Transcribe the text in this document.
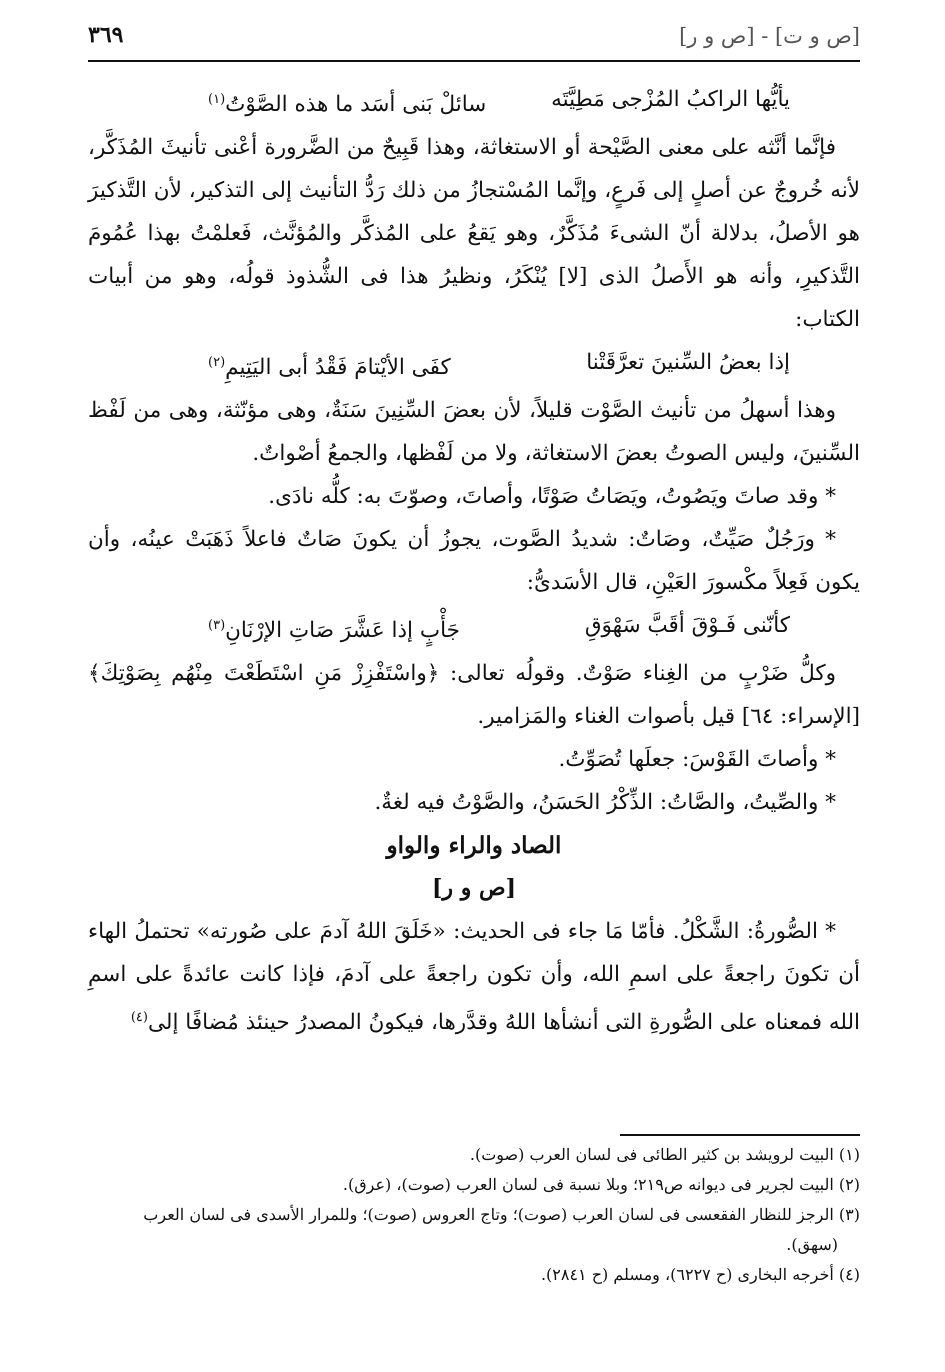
[ص و ت] - [ص و ر]
٣٦٩
يأيُّها الراكبُ المُزْجى مَطِيَّتَه
سائلْ بَنى أسَد ما هذه الصَّوْتُ$^{(١)}$

فإنَّما أنَّثه على معنى الصَّيْحة أو الاستغاثة، وهذا قَبِيحٌ من الضَّرورة أعْنى تأنيثَ المُذَكَّر، لأنه خُروجٌ عن أصلٍ إلى فَرعٍ، وإنَّما المُسْتجازُ من ذلك رَدُّ التأنيث إلى التذكير، لأن التَّذكيرَ هو الأصلُ، بدلالة أنّ الشىءَ مُذَكَّرٌ، وهو يَقعُ على المُذكَّر والمُؤنَّث، فَعلمْتُ بهذا عُمُومَ التَّذكيرِ، وأنه هو الأَصلُ الذى [لا] يُنْكَرُ، ونظيرُ هذا فى الشُّذوذ قولُه، وهو من أبيات الكتاب:

إذا بعضُ السِّنينَ تعرَّقَتْنا
كفَى الأيْتامَ فَقْدُ أبى اليَتِيمِ$^{(٢)}$

وهذا أسهلُ من تأنيث الصَّوْت قليلاً، لأن بعضَ السِّنِينَ سَنَةٌ، وهى مؤنّثة، وهى من لَفْظ السِّنينَ، وليس الصوتُ بعضَ الاستغاثة، ولا من لَفْظها، والجمعُ أصْواتٌ.

* وقد صاتَ ويَصُوتُ، ويَصَاتُ صَوْتًا، وأصاتَ، وصوّتَ به: كلُّه نادَى.

* ورَجُلٌ صَيِّتٌ، وصَاتٌ: شديدُ الصَّوت، يجوزُ أن يكونَ صَاتٌ فاعلاً ذَهَبَتْ عينُه، وأن يكون فَعِلاً مكْسورَ العَيْنِ، قال الأسَدىُّ:

كأنّنى فَـوْقَ أقَبَّ سَهْوَقِ
جَأْبٍ إذا عَشَّرَ صَاتِ الإرْنَانِ$^{(٣)}$

وكلُّ ضَرْبٍ من الغِناء صَوْتٌ. وقولُه تعالى: ﴿واسْتَفْزِزْ مَنِ اسْتَطَعْتَ مِنْهُم بِصَوْتِكَ﴾ [الإسراء: ٦٤] قيل بأصوات الغناء والمَزامير.

* وأصاتَ القَوْسَ: جعلَها تُصَوِّتُ.

* والصِّيتُ، والصَّاتُ: الذِّكْرُ الحَسَنُ، والصَّوْتُ فيه لغةٌ.

الصاد والراء والواو
[ص و ر]

* الصُّورةُ: الشَّكْلُ. فأمّا مَا جاء فى الحديث: «خَلَقَ اللهُ آدمَ على صُورته» تحتملُ الهاء أن تكونَ راجعةً على اسمِ الله، وأن تكون راجعةً على آدمَ، فإذا كانت عائدةً على اسمِ الله فمعناه على الصُّورةِ التى أنشأها اللهُ وقدَّرها، فيكونُ المصدرُ حينئذ مُضافًا إلى$^{(٤)}$

(١) البيت لرويشد بن كثير الطائى فى لسان العرب (صوت).

(٢) البيت لجرير فى ديوانه ص٢١٩؛ وبلا نسبة فى لسان العرب (صوت)، (عرق).

(٣) الرجز للنظار الفقعسى فى لسان العرب (صوت)؛ وتاج العروس (صوت)؛ وللمرار الأسدى فى لسان العرب

(سهق).

(٤) أخرجه البخارى (ح ٦٢٢٧)، ومسلم (ح ٢٨٤١).
